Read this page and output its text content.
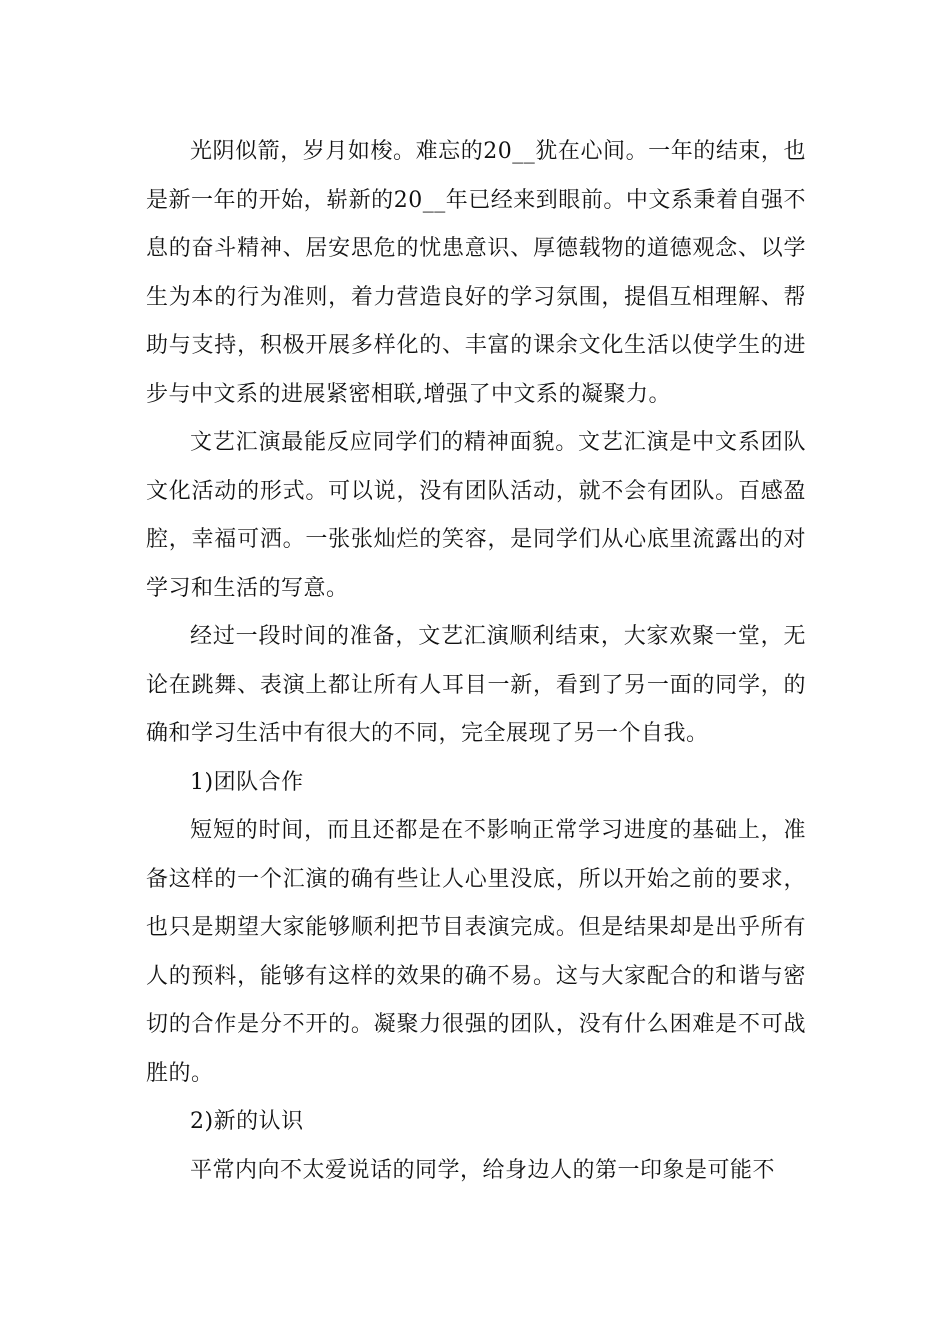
光阴似箭，岁月如梭。难忘的20__犹在心间。一年的结束，也是新一年的开始，崭新的20__年已经来到眼前。中文系秉着自强不息的奋斗精神、居安思危的忧患意识、厚德载物的道德观念、以学生为本的行为准则，着力营造良好的学习氛围，提倡互相理解、帮助与支持，积极开展多样化的、丰富的课余文化生活以使学生的进步与中文系的进展紧密相联,增强了中文系的凝聚力。

文艺汇演最能反应同学们的精神面貌。文艺汇演是中文系团队文化活动的形式。可以说，没有团队活动，就不会有团队。百感盈腔，幸福可洒。一张张灿烂的笑容，是同学们从心底里流露出的对学习和生活的写意。

经过一段时间的准备，文艺汇演顺利结束，大家欢聚一堂，无论在跳舞、表演上都让所有人耳目一新，看到了另一面的同学，的确和学习生活中有很大的不同，完全展现了另一个自我。

1)团队合作

短短的时间，而且还都是在不影响正常学习进度的基础上，准备这样的一个汇演的确有些让人心里没底，所以开始之前的要求，也只是期望大家能够顺利把节目表演完成。但是结果却是出乎所有人的预料，能够有这样的效果的确不易。这与大家配合的和谐与密切的合作是分不开的。凝聚力很强的团队，没有什么困难是不可战胜的。

2)新的认识

平常内向不太爱说话的同学，给身边人的第一印象是可能不
